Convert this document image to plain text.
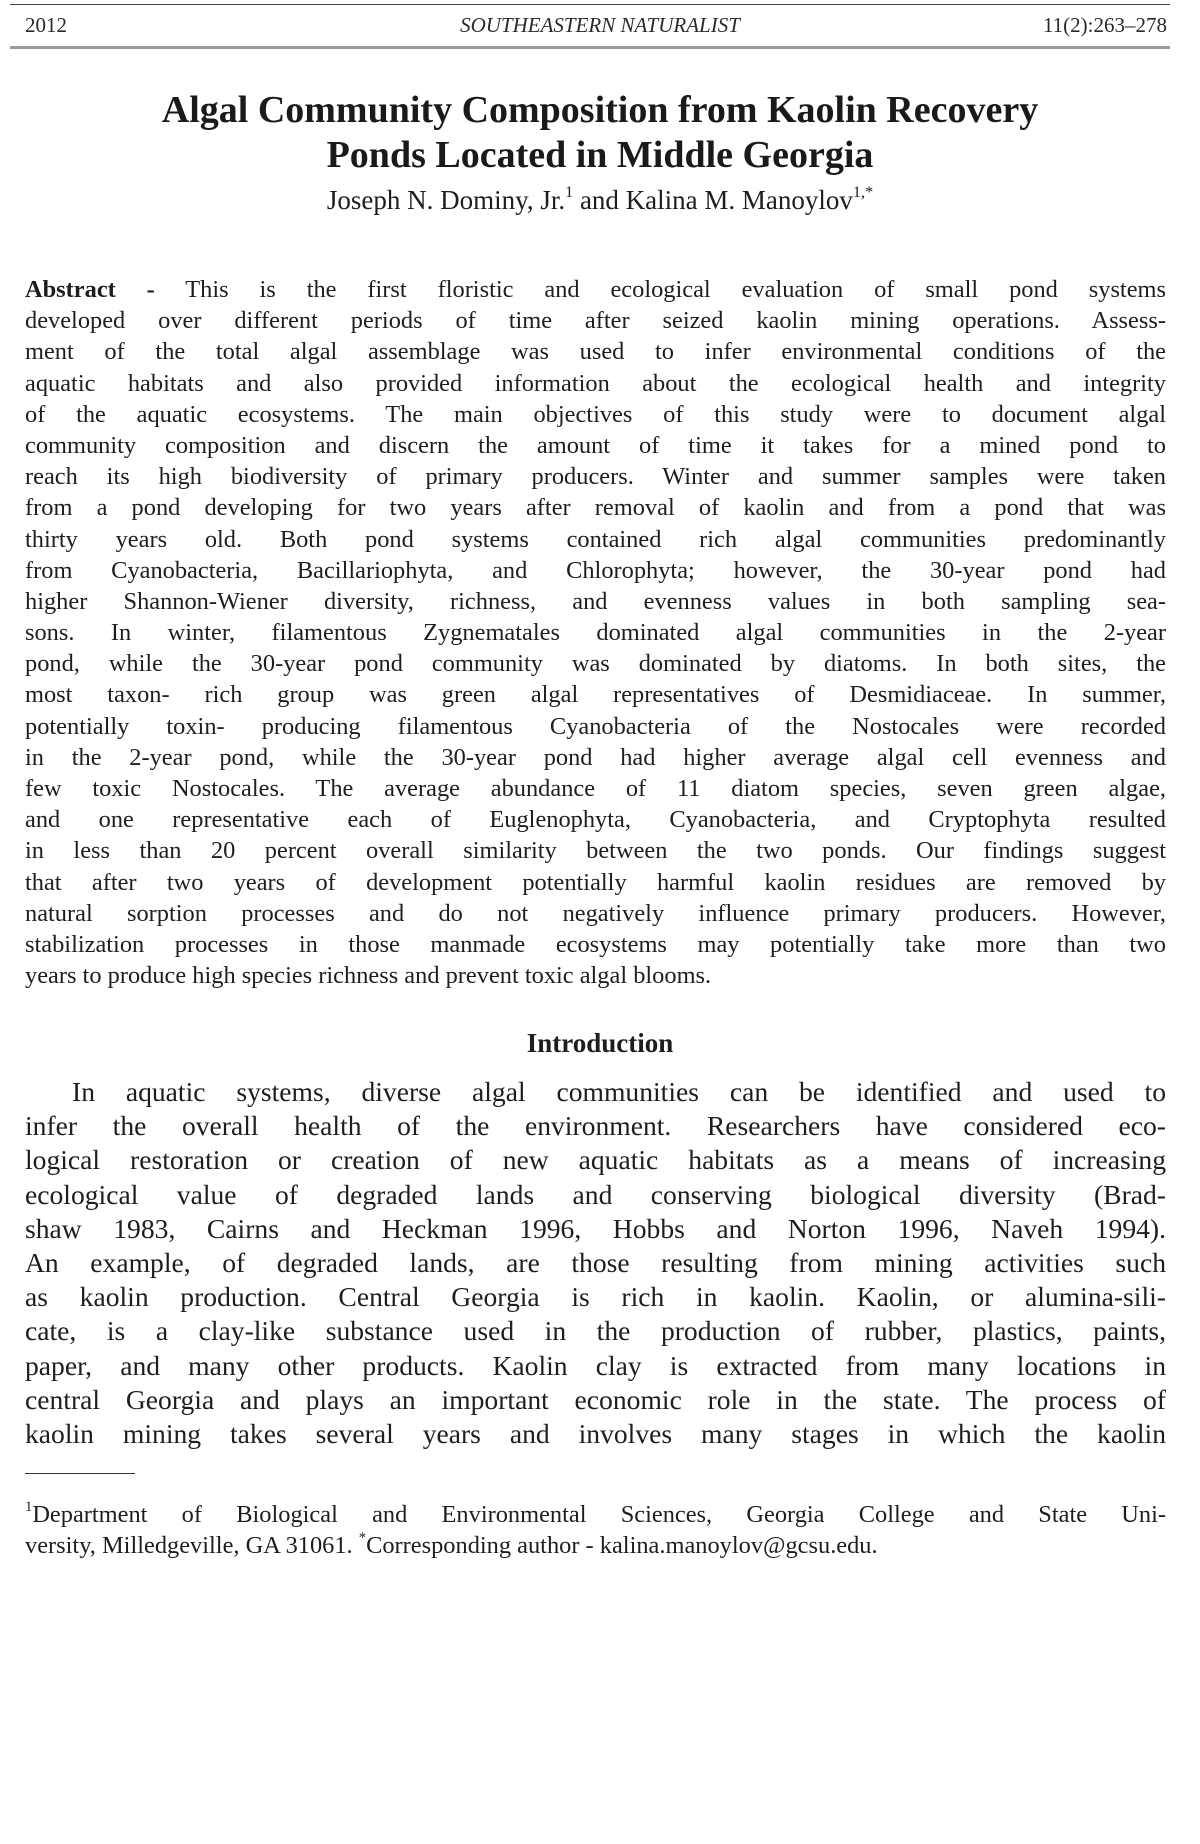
SOUTHEASTERN NATURALIST
2012	11(2):263–278
Algal Community Composition from Kaolin Recovery
Ponds Located in Middle Georgia
Joseph N. Dominy, Jr.$^1$ and Kalina M. Manoylov$^{1,*}$
Abstract - This is the first floristic and ecological evaluation of small pond systems
developed over different periods of time after seized kaolin mining operations. Assess-
ment of the total algal assemblage was used to infer environmental conditions of the
aquatic habitats and also provided information about the ecological health and integrity
of the aquatic ecosystems. The main objectives of this study were to document algal
community composition and discern the amount of time it takes for a mined pond to
reach its high biodiversity of primary producers. Winter and summer samples were taken
from a pond developing for two years after removal of kaolin and from a pond that was
thirty years old. Both pond systems contained rich algal communities predominantly
from Cyanobacteria, Bacillariophyta, and Chlorophyta; however, the 30-year pond had
higher Shannon-Wiener diversity, richness, and evenness values in both sampling sea-
sons. In winter, filamentous Zygnematales dominated algal communities in the 2-year
pond, while the 30-year pond community was dominated by diatoms. In both sites, the
most taxon- rich group was green algal representatives of Desmidiaceae. In summer,
potentially toxin- producing filamentous Cyanobacteria of the Nostocales were recorded
in the 2-year pond, while the 30-year pond had higher average algal cell evenness and
few toxic Nostocales. The average abundance of 11 diatom species, seven green algae,
and one representative each of Euglenophyta, Cyanobacteria, and Cryptophyta resulted
in less than 20 percent overall similarity between the two ponds. Our findings suggest
that after two years of development potentially harmful kaolin residues are removed by
natural sorption processes and do not negatively influence primary producers. However,
stabilization processes in those manmade ecosystems may potentially take more than two
years to produce high species richness and prevent toxic algal blooms.
Introduction
In aquatic systems, diverse algal communities can be identified and used to
infer the overall health of the environment. Researchers have considered eco-
logical restoration or creation of new aquatic habitats as a means of increasing
ecological value of degraded lands and conserving biological diversity (Brad-
shaw 1983, Cairns and Heckman 1996, Hobbs and Norton 1996, Naveh 1994).
An example, of degraded lands, are those resulting from mining activities such
as kaolin production. Central Georgia is rich in kaolin. Kaolin, or alumina-sili-
cate, is a clay-like substance used in the production of rubber, plastics, paints,
paper, and many other products. Kaolin clay is extracted from many locations in
central Georgia and plays an important economic role in the state. The process of
kaolin mining takes several years and involves many stages in which the kaolin
$^1$Department of Biological and Environmental Sciences, Georgia College and State Uni-
versity, Milledgeville, GA 31061. *Corresponding author - kalina.manoylov@gcsu.edu.
